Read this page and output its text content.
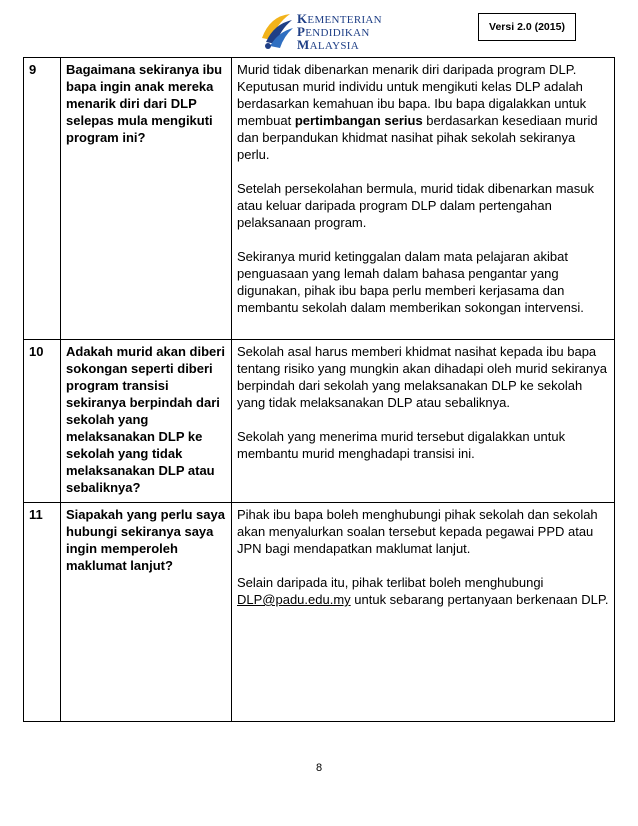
KEMENTERIAN
PENDIDIKAN
MALAYSIA
Versi 2.0 (2015)
9	Bagaimana sekiranya ibu bapa ingin anak mereka menarik diri dari DLP selepas mula mengikuti program ini?	Murid tidak dibenarkan menarik diri daripada program DLP. Keputusan murid individu untuk mengikuti kelas DLP adalah berdasarkan kemahuan ibu bapa. Ibu bapa digalakkan untuk membuat pertimbangan serius berdasarkan kesediaan murid dan berpandukan khidmat nasihat pihak sekolah sekiranya perlu.

Setelah persekolahan bermula, murid tidak dibenarkan masuk atau keluar daripada program DLP dalam pertengahan pelaksanaan program.

Sekiranya murid ketinggalan dalam mata pelajaran akibat penguasaan yang lemah dalam bahasa pengantar yang digunakan, pihak ibu bapa perlu memberi kerjasama dan membantu sekolah dalam memberikan sokongan intervensi.

10	Adakah murid akan diberi sokongan seperti diberi program transisi sekiranya berpindah dari sekolah yang melaksanakan DLP ke sekolah yang tidak melaksanakan DLP atau sebaliknya?	Sekolah asal harus memberi khidmat nasihat kepada ibu bapa tentang risiko yang mungkin akan dihadapi oleh murid sekiranya berpindah dari sekolah yang melaksanakan DLP ke sekolah yang tidak melaksanakan DLP atau sebaliknya.

Sekolah yang menerima murid tersebut digalakkan untuk membantu murid menghadapi transisi ini.

11	Siapakah yang perlu saya hubungi sekiranya saya ingin memperoleh maklumat lanjut?	Pihak ibu bapa boleh menghubungi pihak sekolah dan sekolah akan menyalurkan soalan tersebut kepada pegawai PPD atau JPN bagi mendapatkan maklumat lanjut.

Selain daripada itu, pihak terlibat boleh menghubungi DLP@padu.edu.my untuk sebarang pertanyaan berkenaan DLP.

8
